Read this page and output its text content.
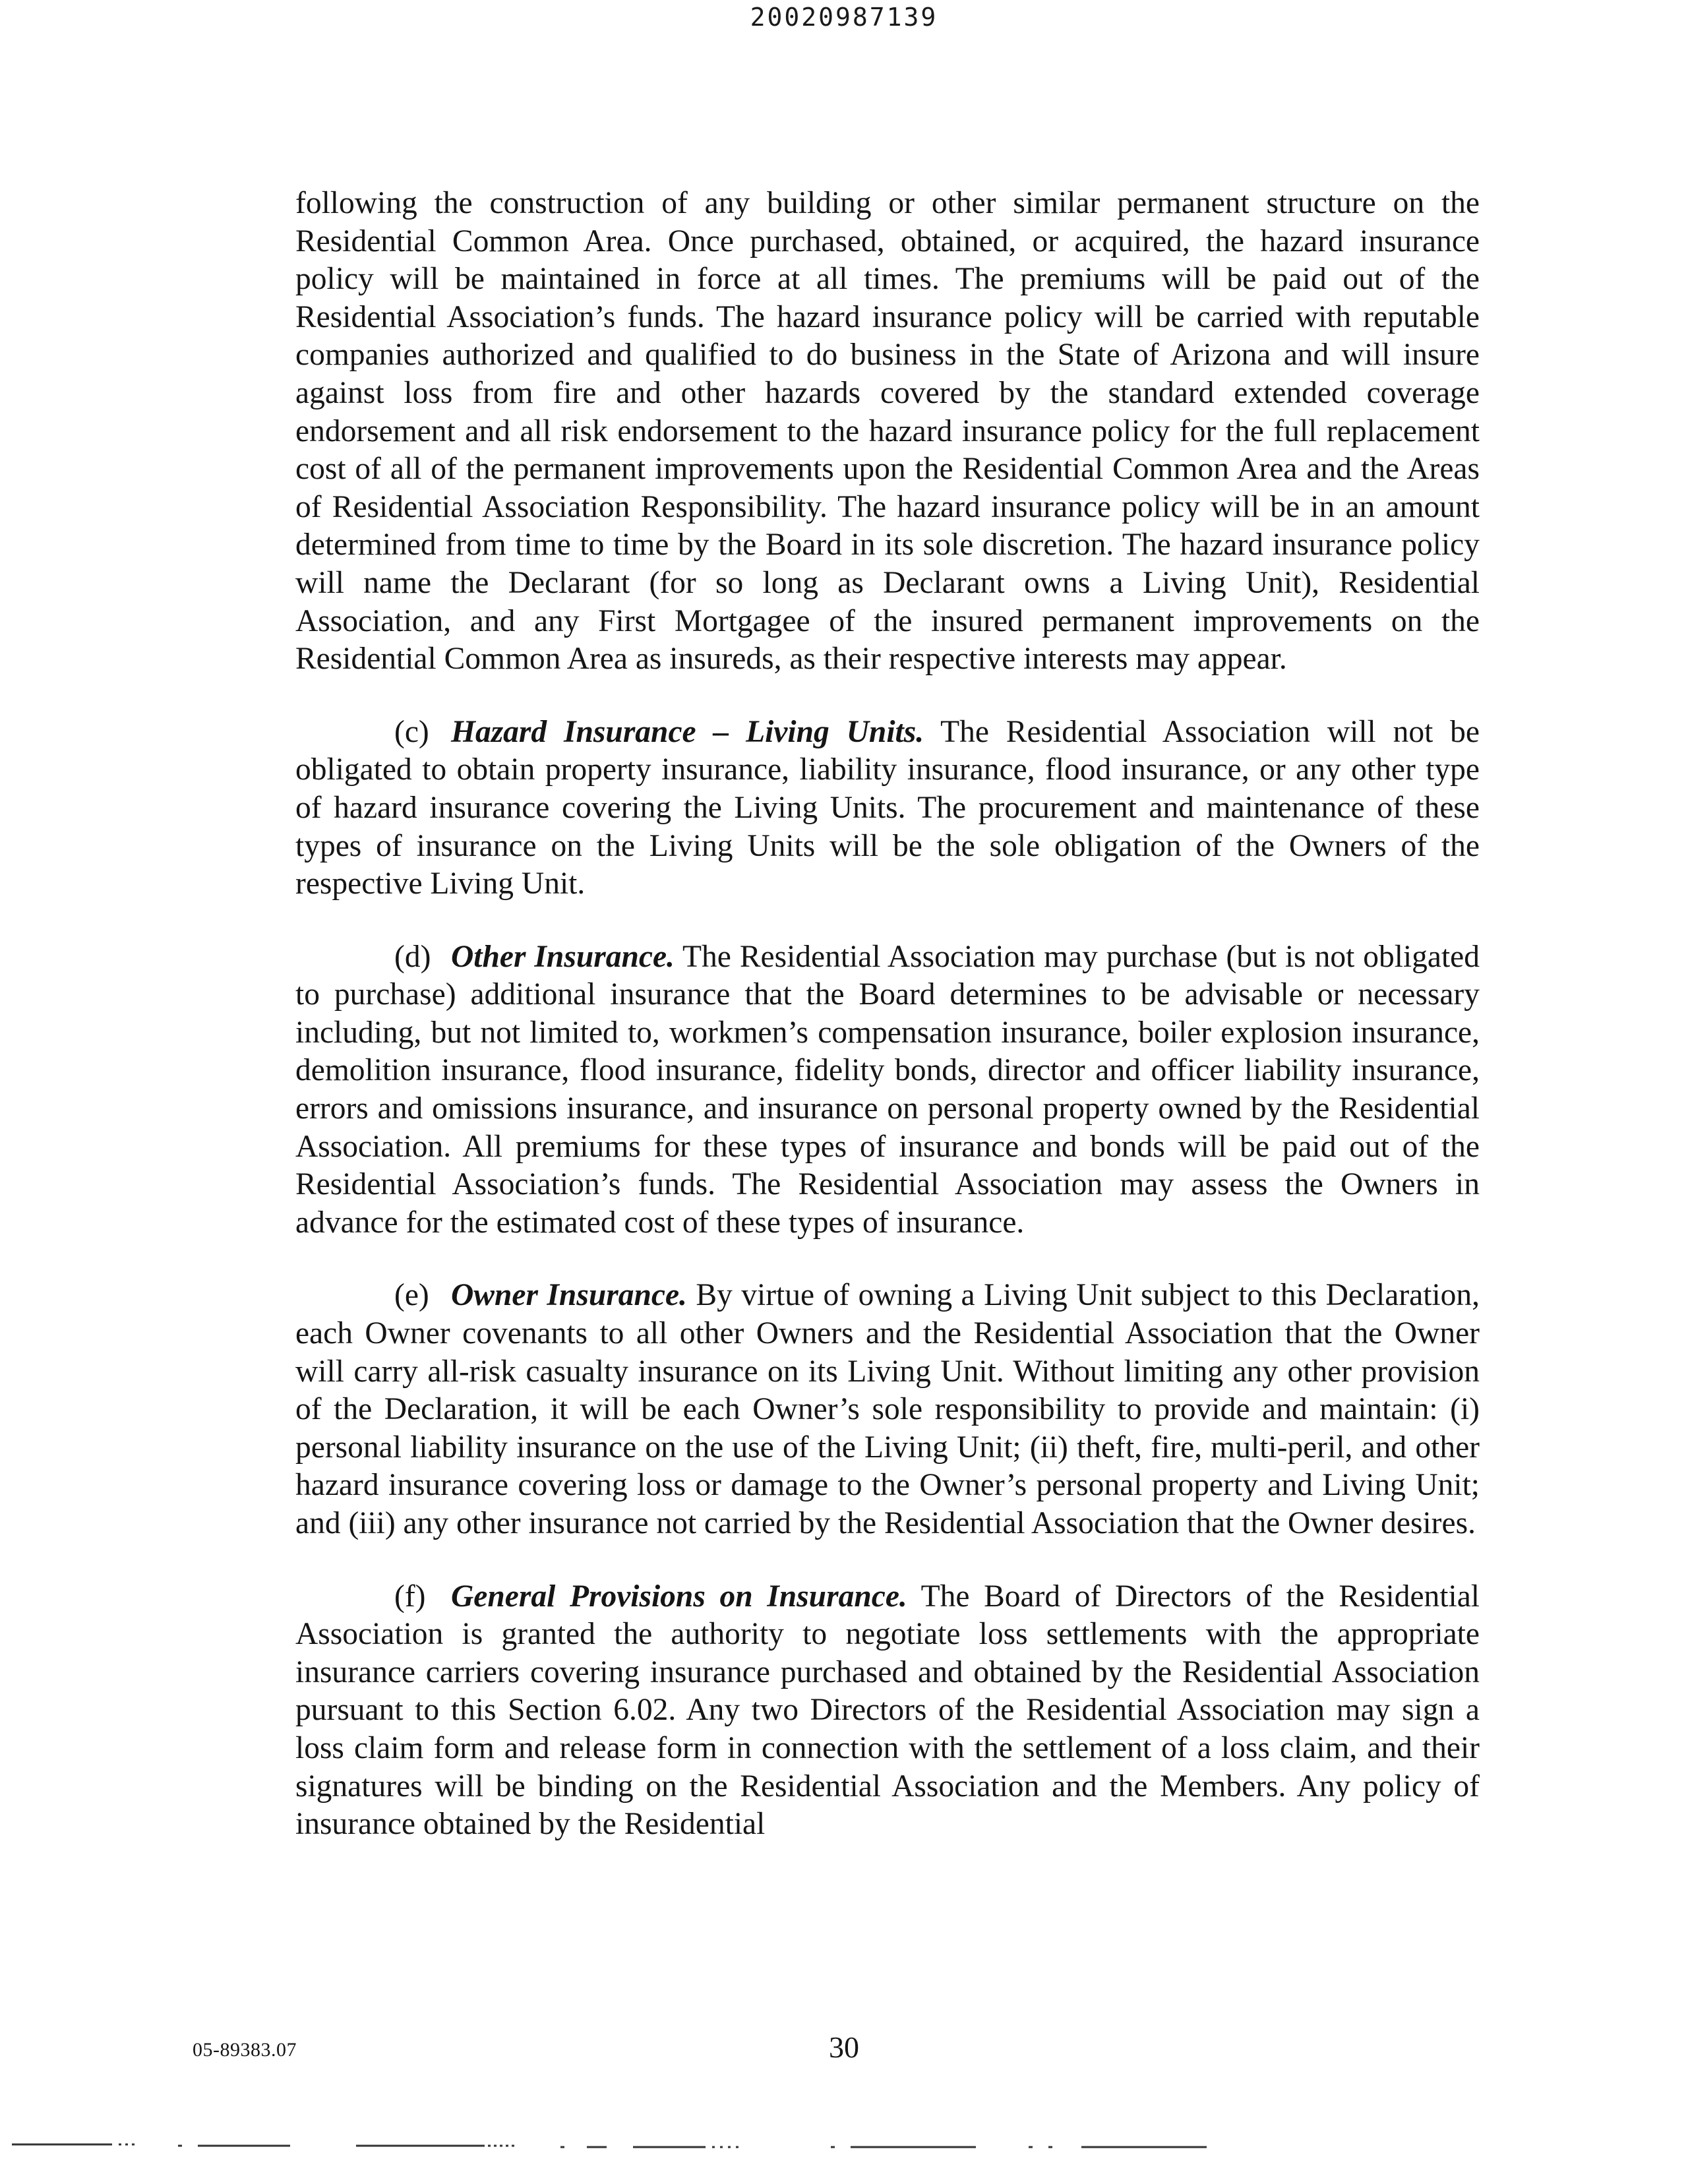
20020987139

following the construction of any building or other similar permanent structure on the Residential Common Area. Once purchased, obtained, or acquired, the hazard insurance policy will be maintained in force at all times. The premiums will be paid out of the Residential Association’s funds. The hazard insurance policy will be carried with reputable companies authorized and qualified to do business in the State of Arizona and will insure against loss from fire and other hazards covered by the standard extended coverage endorsement and all risk endorsement to the hazard insurance policy for the full replacement cost of all of the permanent improvements upon the Residential Common Area and the Areas of Residential Association Responsibility. The hazard insurance policy will be in an amount determined from time to time by the Board in its sole discretion. The hazard insurance policy will name the Declarant (for so long as Declarant owns a Living Unit), Residential Association, and any First Mortgagee of the insured permanent improvements on the Residential Common Area as insureds, as their respective interests may appear.

(c) Hazard Insurance – Living Units. The Residential Association will not be obligated to obtain property insurance, liability insurance, flood insurance, or any other type of hazard insurance covering the Living Units. The procurement and maintenance of these types of insurance on the Living Units will be the sole obligation of the Owners of the respective Living Unit.

(d) Other Insurance. The Residential Association may purchase (but is not obligated to purchase) additional insurance that the Board determines to be advisable or necessary including, but not limited to, workmen’s compensation insurance, boiler explosion insurance, demolition insurance, flood insurance, fidelity bonds, director and officer liability insurance, errors and omissions insurance, and insurance on personal property owned by the Residential Association. All premiums for these types of insurance and bonds will be paid out of the Residential Association’s funds. The Residential Association may assess the Owners in advance for the estimated cost of these types of insurance.

(e) Owner Insurance. By virtue of owning a Living Unit subject to this Declaration, each Owner covenants to all other Owners and the Residential Association that the Owner will carry all-risk casualty insurance on its Living Unit. Without limiting any other provision of the Declaration, it will be each Owner’s sole responsibility to provide and maintain: (i) personal liability insurance on the use of the Living Unit; (ii) theft, fire, multi-peril, and other hazard insurance covering loss or damage to the Owner’s personal property and Living Unit; and (iii) any other insurance not carried by the Residential Association that the Owner desires.

(f) General Provisions on Insurance. The Board of Directors of the Residential Association is granted the authority to negotiate loss settlements with the appropriate insurance carriers covering insurance purchased and obtained by the Residential Association pursuant to this Section 6.02. Any two Directors of the Residential Association may sign a loss claim form and release form in connection with the settlement of a loss claim, and their signatures will be binding on the Residential Association and the Members. Any policy of insurance obtained by the Residential

05-89383.07	30
